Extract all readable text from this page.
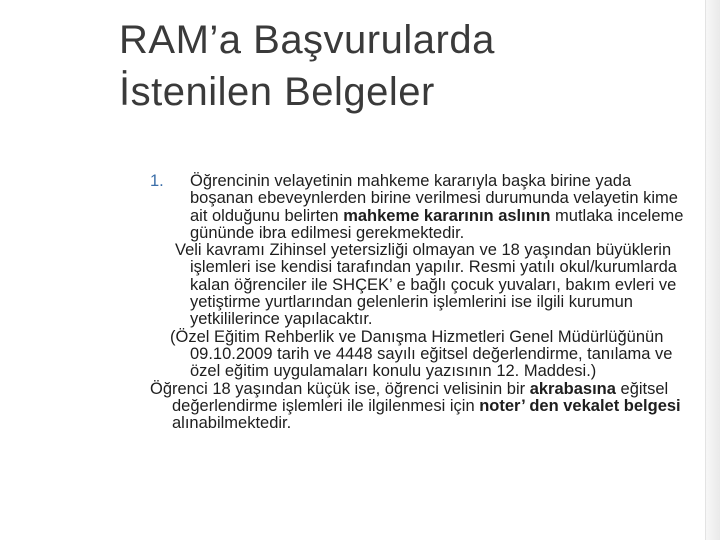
RAM’a Başvurularda
İstenilen Belgeler
1. Öğrencinin velayetinin mahkeme kararıyla başka birine yada boşanan ebeveynlerden birine verilmesi durumunda velayetin kime ait olduğunu belirten mahkeme kararının aslının mutlaka inceleme gününde ibra edilmesi gerekmektedir.
Veli kavramı Zihinsel yetersizliği olmayan ve 18 yaşından büyüklerin işlemleri ise kendisi tarafından yapılır. Resmi yatılı okul/kurumlarda kalan öğrenciler ile SHÇEK’ e bağlı çocuk yuvaları, bakım evleri ve yetiştirme yurtlarından gelenlerin işlemlerini ise ilgili kurumun yetkililerince yapılacaktır.
(Özel Eğitim Rehberlik ve Danışma Hizmetleri Genel Müdürlüğünün 09.10.2009 tarih ve 4448 sayılı eğitsel değerlendirme, tanılama ve özel eğitim uygulamaları konulu yazısının 12. Maddesi.)
Öğrenci 18 yaşından küçük ise, öğrenci velisinin bir akrabasına eğitsel değerlendirme işlemleri ile ilgilenmesi için noter’ den vekalet belgesi alınabilmektedir.
